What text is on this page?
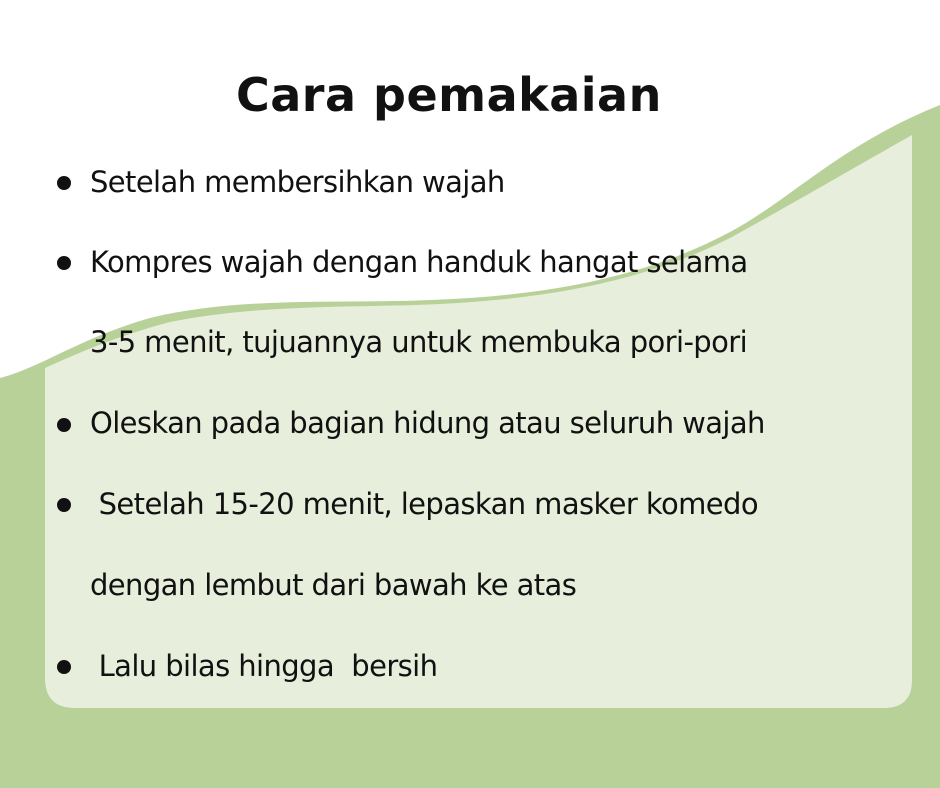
Cara pemakaian
Setelah membersihkan wajah
Kompres wajah dengan handuk hangat selama
3-5 menit, tujuannya untuk membuka pori-pori
Oleskan pada bagian hidung atau seluruh wajah
Setelah 15-20 menit, lepaskan masker komedo
dengan lembut dari bawah ke atas
Lalu bilas hingga  bersih
